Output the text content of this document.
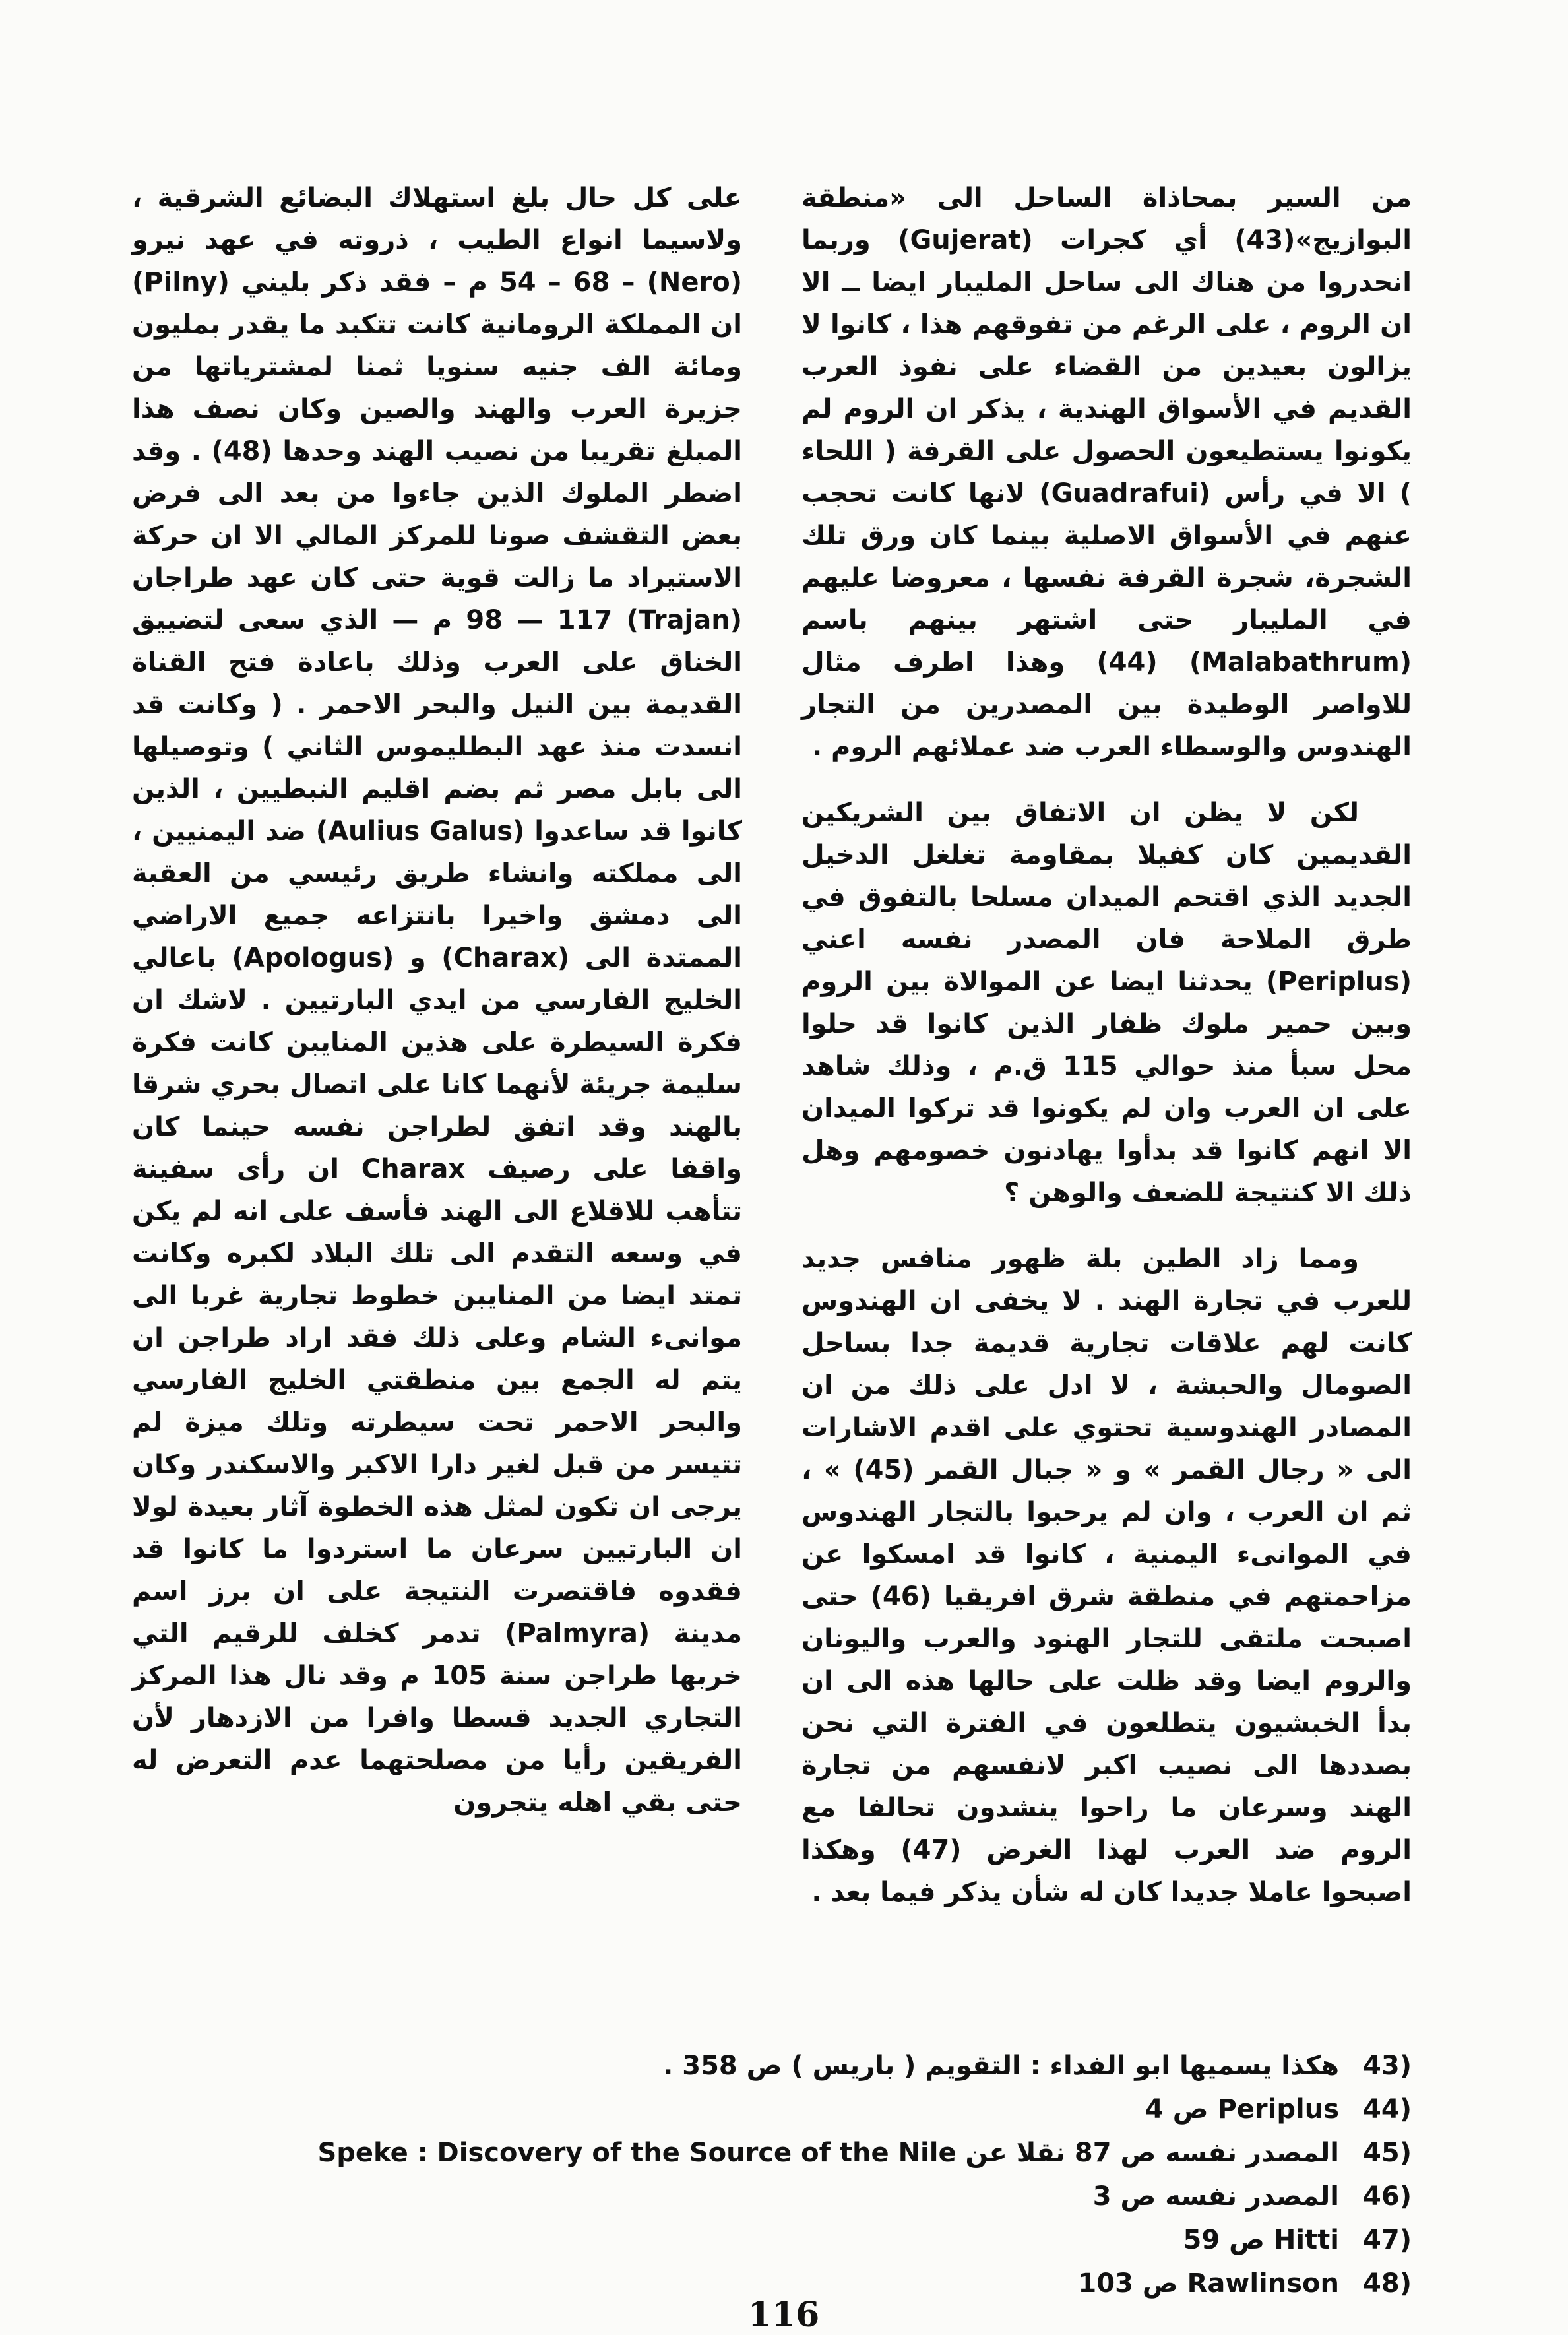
من السير بمحاذاة الساحل الى «منطقة البوازيج»(43) أي كجرات (Gujerat) وربما انحدروا من هناك الى ساحل المليبار ايضا ــ الا ان الروم ، على الرغم من تفوقهم هذا ، كانوا لا يزالون بعيدين من القضاء على نفوذ العرب القديم في الأسواق الهندية ، يذكر ان الروم لم يكونوا يستطيعون الحصول على القرفة ( اللحاء ) الا في رأس (Guadrafui) لانها كانت تحجب عنهم في الأسواق الاصلية بينما كان ورق تلك الشجرة، شجرة القرفة نفسها ، معروضا عليهم في المليبار حتى اشتهر بينهم باسم (Malabathrum) (44) وهذا اطرف مثال للاواصر الوطيدة بين المصدرين من التجار الهندوس والوسطاء العرب ضد عملائهم الروم .

لكن لا يظن ان الاتفاق بين الشريكين القديمين كان كفيلا بمقاومة تغلغل الدخيل الجديد الذي اقتحم الميدان مسلحا بالتفوق في طرق الملاحة فان المصدر نفسه اعني (Periplus) يحدثنا ايضا عن الموالاة بين الروم وبين حمير ملوك ظفار الذين كانوا قد حلوا محل سبأ منذ حوالي 115 ق.م ، وذلك شاهد على ان العرب وان لم يكونوا قد تركوا الميدان الا انهم كانوا قد بدأوا يهادنون خصومهم وهل ذلك الا كنتيجة للضعف والوهن ؟

ومما زاد الطين بلة ظهور منافس جديد للعرب في تجارة الهند . لا يخفى ان الهندوس كانت لهم علاقات تجارية قديمة جدا بساحل الصومال والحبشة ، لا ادل على ذلك من ان المصادر الهندوسية تحتوي على اقدم الاشارات الى « رجال القمر » و « جبال القمر (45) » ، ثم ان العرب ، وان لم يرحبوا بالتجار الهندوس في الموانىء اليمنية ، كانوا قد امسكوا عن مزاحمتهم في منطقة شرق افريقيا (46) حتى اصبحت ملتقى للتجار الهنود والعرب واليونان والروم ايضا وقد ظلت على حالها هذه الى ان بدأ الخبشيون يتطلعون في الفترة التي نحن بصددها الى نصيب اكبر لانفسهم من تجارة الهند وسرعان ما راحوا ينشدون تحالفا مع الروم ضد العرب لهذا الغرض (47) وهكذا اصبحوا عاملا جديدا كان له شأن يذكر فيما بعد .

على كل حال بلغ استهلاك البضائع الشرقية ، ولاسيما انواع الطيب ، ذروته في عهد نيرو (Nero) – 54 – 68 م – فقد ذكر بليني (Pilny) ان المملكة الرومانية كانت تتكبد ما يقدر بمليون ومائة الف جنيه سنويا ثمنا لمشترياتها من جزيرة العرب والهند والصين وكان نصف هذا المبلغ تقريبا من نصيب الهند وحدها (48) . وقد اضطر الملوك الذين جاءوا من بعد الى فرض بعض التقشف صونا للمركز المالي الا ان حركة الاستيراد ما زالت قوية حتى كان عهد طراجان (Trajan) 98 — 117 م — الذي سعى لتضييق الخناق على العرب وذلك باعادة فتح القناة القديمة بين النيل والبحر الاحمر . ( وكانت قد انسدت منذ عهد البطليموس الثاني ) وتوصيلها الى بابل مصر ثم بضم اقليم النبطيين ، الذين كانوا قد ساعدوا (Aulius Galus) ضد اليمنيين ، الى مملكته وانشاء طريق رئيسي من العقبة الى دمشق واخيرا بانتزاعه جميع الاراضي الممتدة الى (Charax) و (Apologus) باعالي الخليج الفارسي من ايدي البارتيين . لاشك ان فكرة السيطرة على هذين المنايبن كانت فكرة سليمة جريئة لأنهما كانا على اتصال بحري شرقا بالهند وقد اتفق لطراجن نفسه حينما كان واقفا على رصيف Charax ان رأى سفينة تتأهب للاقلاع الى الهند فأسف على انه لم يكن في وسعه التقدم الى تلك البلاد لكبره وكانت تمتد ايضا من المنايبن خطوط تجارية غربا الى موانىء الشام وعلى ذلك فقد اراد طراجن ان يتم له الجمع بين منطقتي الخليج الفارسي والبحر الاحمر تحت سيطرته وتلك ميزة لم تتيسر من قبل لغير دارا الاكبر والاسكندر وكان يرجى ان تكون لمثل هذه الخطوة آثار بعيدة لولا ان البارتيين سرعان ما استردوا ما كانوا قد فقدوه فاقتصرت النتيجة على ان برز اسم مدينة (Palmyra) تدمر كخلف للرقيم التي خربها طراجن سنة 105 م وقد نال هذا المركز التجاري الجديد قسطا وافرا من الازدهار لأن الفريقين رأيا من مصلحتهما عدم التعرض له حتى بقي اهله يتجرون

(43
هكذا يسميها ابو الفداء : التقويم ( باريس ) ص 358 .
(44
Periplus ص 4
(45
المصدر نفسه ص 87 نقلا عن Speke : Discovery of the Source of the Nile
(46
المصدر نفسه ص 3
(47
Hitti ص 59
(48
Rawlinson ص 103
116
